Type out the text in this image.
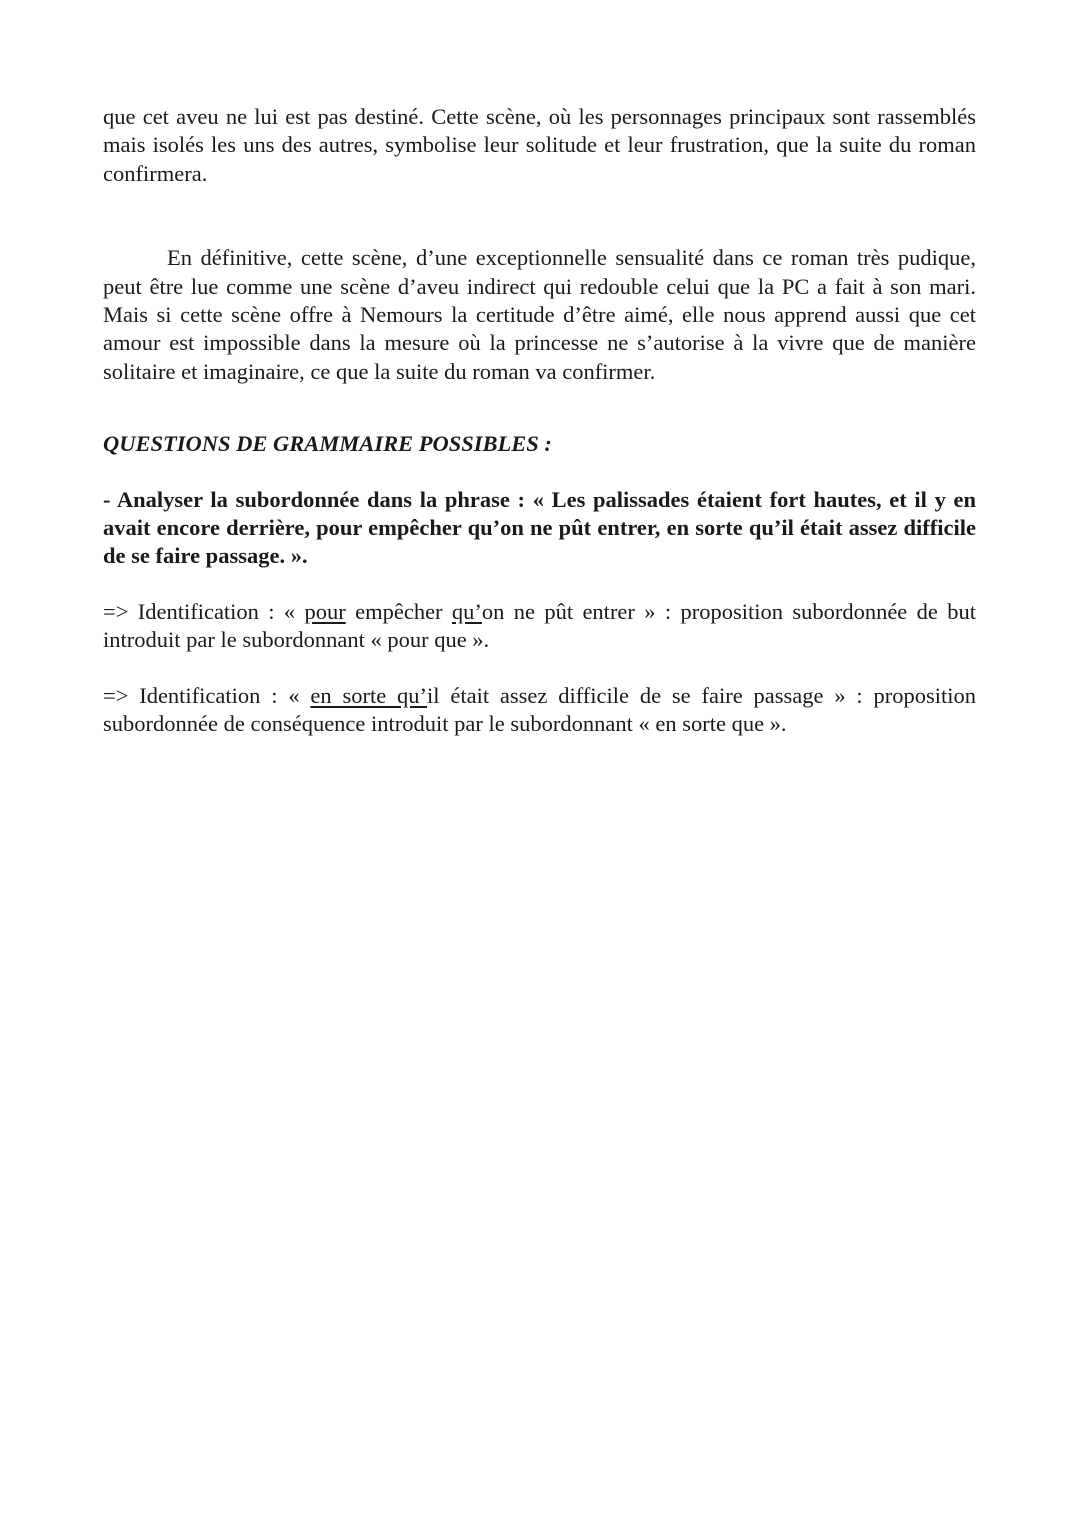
que cet aveu ne lui est pas destiné. Cette scène, où les personnages principaux sont rassemblés mais isolés les uns des autres, symbolise leur solitude et leur frustration, que la suite du roman confirmera.

En définitive, cette scène, d’une exceptionnelle sensualité dans ce roman très pudique, peut être lue comme une scène d’aveu indirect qui redouble celui que la PC a fait à son mari. Mais si cette scène offre à Nemours la certitude d’être aimé, elle nous apprend aussi que cet amour est impossible dans la mesure où la princesse ne s’autorise à la vivre que de manière solitaire et imaginaire, ce que la suite du roman va confirmer.

QUESTIONS DE GRAMMAIRE POSSIBLES :

- Analyser la subordonnée dans la phrase : « Les palissades étaient fort hautes, et il y en avait encore derrière, pour empêcher qu’on ne pût entrer, en sorte qu’il était assez difficile de se faire passage. ».

=> Identification : « pour empêcher qu’on ne pût entrer » : proposition subordonnée de but introduit par le subordonnant « pour que ».

=> Identification : « en sorte qu’il était assez difficile de se faire passage » : proposition subordonnée de conséquence introduit par le subordonnant « en sorte que ».
